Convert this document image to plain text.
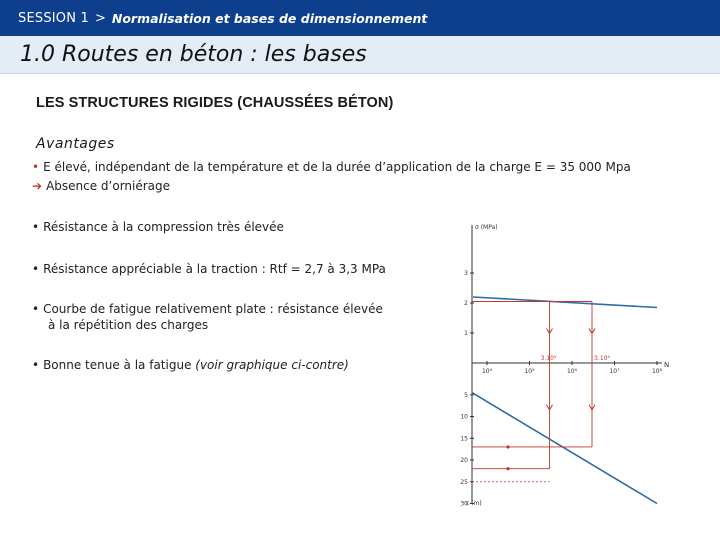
SESSION 1 > Normalisation et bases de dimensionnement
1.0 Routes en béton : les bases
LES STRUCTURES RIGIDES (CHAUSSÉES BÉTON)
Avantages
• E élevé, indépendant de la température et de la durée d’application de la charge E = 35 000 Mpa
➔ Absence d’orniérage
• Résistance à la compression très élevée
• Résistance appréciable à la traction : Rtf = 2,7 à 3,3 MPa
• Courbe de fatigue relativement plate : résistance élevée
à la répétition des charges
• Bonne tenue à la fatigue (voir graphique ci-contre)
σ (MPa)
ε (m)
N
10⁴	10⁵	10⁶	10⁷	10⁸
3
2
1
5
10
15
20
25
30
3.10⁵	3.10⁶
